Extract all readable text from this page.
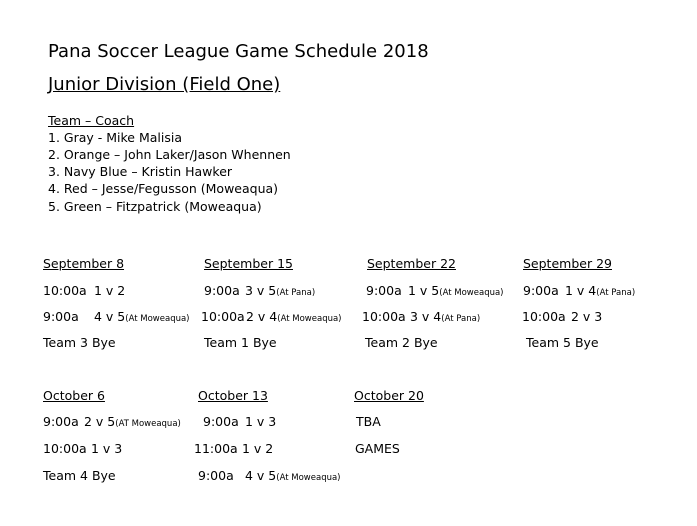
Pana Soccer League Game Schedule 2018
Junior Division (Field One)
Team – Coach
1. Gray - Mike Malisia
2. Orange – John Laker/Jason Whennen
3. Navy Blue – Kristin Hawker
4. Red – Jesse/Fegusson (Moweaqua)
5. Green – Fitzpatrick (Moweaqua)
September 8
10:00a 1 v 2
9:00a 4 v 5(At Moweaqua)
Team 3 Bye
September 15
9:00a 3 v 5(At Pana)
10:00a 2 v 4(At Moweaqua)
Team 1 Bye
September 22
9:00a 1 v 5(At Moweaqua)
10:00a 3 v 4(At Pana)
Team 2 Bye
September 29
9:00a 1 v 4(At Pana)
10:00a 2 v 3
Team 5 Bye
October 6
9:00a 2 v 5(AT Moweaqua)
10:00a 1 v 3
Team 4 Bye
October 13
9:00a 1 v 3
11:00a 1 v 2
9:00a 4 v 5(At Moweaqua)
October 20
TBA
GAMES
